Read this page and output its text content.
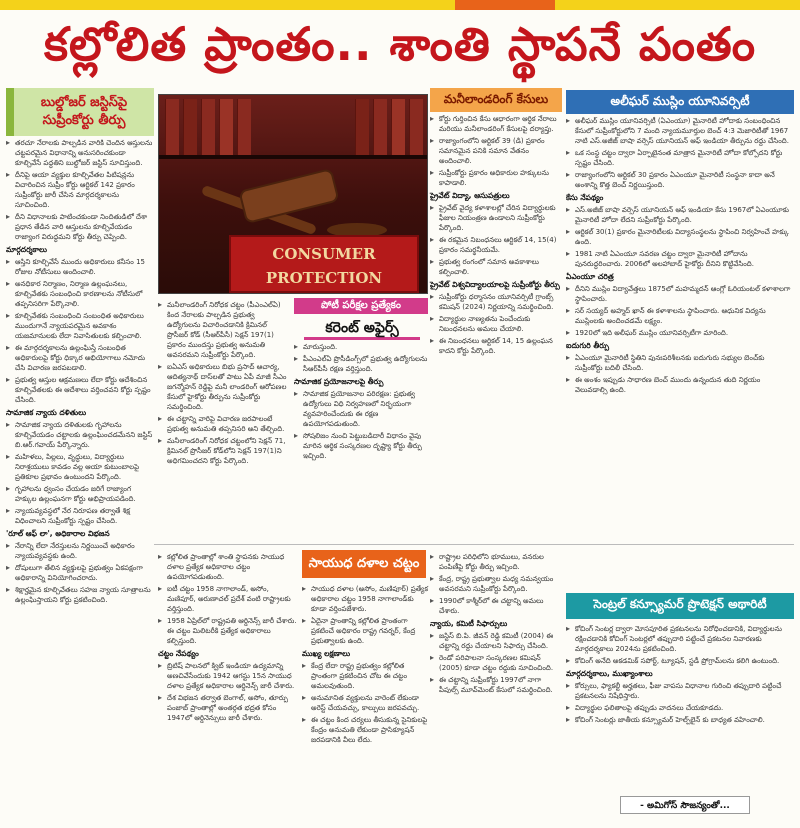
కల్లోలిత ప్రాంతం.. శాంతి స్థాపనే పంతం
బుల్డోజర్ జస్టిస్‌పై సుప్రీంకోర్టు తీర్పు

▸ తరచూ నేరాలకు పాల్పడిన వారికి చెందిన ఆస్తులను చట్టపరమైన విధానాన్ని అనుసరించకుండా కూల్చివేసే పద్ధతిని బుల్డోజర్ జస్టిస్ సూచిస్తుంది.

▸ దీనిపై ఆయా వ్యక్తుల కూల్చివేతల పిటిషన్లను విచారించిన సుప్రీం కోర్టు ఆర్టికల్ 142 ప్రకారం సుప్రీంకోర్టు జారీ చేసిన మార్గదర్శకాలను సూచించింది.

▸ దీని విధానాలకు పాటించకుండా నిందితుడిలో దేశా ప్రధాన తేడిన వారి ఆస్తులను కూల్చివేయడం రాజ్యాంగ విరుద్ధమని కోర్టు తీర్పు చెప్పింది.

మార్గదర్శకాలు

▸ ఆస్తిని కూల్చివేసే ముందు అధికారులు కనీసం 15 రోజుల నోటీసులు అందించాలి.

▸ అనధికార నిర్మాణం, నిర్మాణ ఉల్లంఘనలు, కూల్చివేతకు సంబంధించి కారణాలను నోటీసులో తప్పనిసరిగా పేర్కొనాలి.

▸ కూల్చివేతకు సంబంధించి సంబంధిత అధికారులు ముందుగానే న్యాయపరమైన అవకాశం యజమానులకు లేదా నివాసితులకు కల్పించాలి.

▸ ఈ మార్గదర్శకాలను ఉల్లంఘిస్తే సంబంధిత అధికారులపై కోర్టు ధిక్కార అభియోగాలు నమోదు చేసి విచారణ జరపబడాలి.

▸ ప్రభుత్వ ఆస్తుల ఆక్రమణలు లేదా కోర్టు ఆదేశించిన కూల్చివేతలకు ఈ ఆదేశాలు వర్తించవని కోర్టు స్పష్టం చేసింది.

సామాజిక న్యాయ దళితులు

▸ సామాజిక న్యాయ దళితులకు గృహాలను కూల్చివేయడం చట్టాలకు ఉల్లంఘించడమేనని జస్టిస్ బి.ఆర్.గవాయ్ పేర్కొన్నారు.

▸ మహిళలు, పిల్లలు, వృద్ధులు, విద్యార్థులు నిరాశ్రయులు కావడం వల్ల ఆయా కుటుంబాలపై ప్రతికూల ప్రభావం ఉంటుందని పేర్కొంది.

▸ గృహాలను ధ్వంసం చేయడం జరిగే రాజ్యాంగ హక్కుల ఉల్లంఘనగా కోర్టు అభిప్రాయపడింది.

▸ న్యాయవ్యవస్థలో నేర నిరూపణ తర్వాతే శిక్ష విధించాలని సుప్రీంకోర్టు స్పష్టం చేసింది.

'రూల్ ఆఫ్ లా', అధికారాల విభజన

▸ నేరాన్ని లేదా నేరస్తులను నిర్ణయించే అధికారం న్యాయవ్యవస్థకు ఉంది.

▸ దోషులుగా తేలిన వ్యక్తులపై ప్రభుత్వం ఏకపక్షంగా అధికారాన్ని వినియోగించరాదు.

▸ శిక్షార్హమైన కూల్చివేతలు సహజ న్యాయ సూత్రాలను ఉల్లంఘిస్తాయని కోర్టు ప్రకటించింది.

CONSUMER PROTECTION

▸ మనీలాండరింగ్ నిరోధక చట్టం (పీఎంఎల్ఏ) కింద నేరాలకు పాల్పడిన ప్రభుత్వ ఉద్యోగులను విచారించడానికి క్రిమినల్ ప్రొసీజర్ కోడ్ (సీఆర్‌పీసీ) సెక్షన్ 197(1) ప్రకారం ముందస్తు ప్రభుత్వ అనుమతి అవసరమని సుప్రీంకోర్టు పేర్కొంది.

▸ ఐఏఎస్ అధికారులు బిభు ప్రసాద్ ఆచార్య, ఆదిత్యనాథ్ దాస్‌లతో పాటు ఏపీ మాజీ సీఎం జగన్మోహన్ రెడ్డిపై మనీ లాండరింగ్ ఆరోపణల కేసులో హైకోర్టు తీర్పును సుప్రీంకోర్టు సమర్థించింది.

▸ ఈ చట్టాన్ని వారిపై విచారణ జరపాలంటే ప్రభుత్వ అనుమతి తప్పనిసరి అని తేల్చింది.

▸ మనీలాండరింగ్ నిరోధక చట్టంలోని సెక్షన్ 71, క్రిమినల్ ప్రొసీజర్ కోడ్‌లోని సెక్షన్ 197(1)ని అధిగమించదని కోర్టు పేర్కొంది.

పోటీ పరీక్షల ప్రత్యేకం
కరెంట్ అఫైర్స్

▸ మారుస్తుంది.

▸ పీఎంఎల్ఏ ప్రొసీడింగ్స్‌లో ప్రభుత్వ ఉద్యోగులను సీఆర్‌పీసీ రక్షణ వర్తిస్తుంది.

సామాజిక ప్రయోజనాలపై తీర్పు

▸ సామాజిక ప్రయోజనాల పరిరక్షణ: ప్రభుత్వ ఉద్యోగులు విధి నిర్వహణలో నిర్భయంగా వ్యవహరించేందుకు ఈ రక్షణ ఉపయోగపడుతుంది.

▸ సోషలిజం నుంచి పెట్టుబడిదారీ విధానం వైపు మారిన ఆర్థిక సంస్కరణల దృష్ట్యా కోర్టు తీర్పు ఇచ్చింది.

మనీలాండరింగ్ కేసులు

▸ కోర్టు గుర్తించిన కేసు ఆధారంగా ఆర్థిక నేరాలు మరియు మనీలాండరింగ్ కేసులపై దర్యాప్తు.

▸ రాజ్యాంగంలోని ఆర్టికల్ 39 (డి) ప్రకారం సమానమైన పనికి సమాన వేతనం అందించాలి.

▸ సుప్రీంకోర్టు ప్రకారం అధికారుల హక్కులను కాపాడాలి.

ప్రైవేట్ విద్యా, ఆసుపత్రులు

▸ ప్రైవేట్ వైద్య కళాశాలల్లో చేరిన విద్యార్థులకు ఫీజుల నియంత్రణ ఉండాలని సుప్రీంకోర్టు పేర్కొంది.

▸ ఈ రకమైన నిబంధనలు ఆర్టికల్ 14, 15(4) ప్రకారం సమర్థనీయమే.

▸ ప్రభుత్వ రంగంలో సమాన అవకాశాలు కల్పించాలి.

ప్రైవేట్ విశ్వవిద్యాలయాలపై సుప్రీంకోర్టు తీర్పు

▸ సుప్రీంకోర్టు ధర్మాసనం యూనివర్సిటీ గ్రాంట్స్ కమిషన్ (2024) నిర్ణయాన్ని సమర్థించింది.

▸ విద్యార్థుల నాణ్యతను పెంచేందుకు నిబంధనలను అమలు చేయాలి.

▸ ఈ నిబంధనలు ఆర్టికల్ 14, 15 ఉల్లంఘన కాదని కోర్టు పేర్కొంది.

▸ కల్లోలిత ప్రాంతాల్లో శాంతి స్థాపనకు సాయుధ దళాల ప్రత్యేక అధికారాల చట్టం ఉపయోగపడుతుంది.

▸ ఐటీ చట్టం 1958 నాగాలాండ్, అసోం, మణిపూర్, అరుణాచల్ ప్రదేశ్ వంటి రాష్ట్రాలకు వర్తిస్తుంది.

▸ 1958 ఏప్రిల్‌లో రాష్ట్రపతి ఆర్డినెన్స్ జారీ చేశారు. ఈ చట్టం మిలిటరీకి ప్రత్యేక అధికారాలు కల్పిస్తుంది.

చట్టం నేపథ్యం

▸ బ్రిటిష్ పాలనలో క్విట్ ఇండియా ఉద్యమాన్ని అణచివేసేందుకు 1942 ఆగస్టు 15న సాయుధ దళాల ప్రత్యేక అధికారాల ఆర్డినెన్స్ జారీ చేశారు.

▸ దేశ విభజన తర్వాత బెంగాల్, అసోం, తూర్పు పంజాబ్ ప్రాంతాల్లో అంతర్గత భద్రత కోసం 1947లో ఆర్డినెన్సులు జారీ చేశారు.

సాయుధ దళాల చట్టం

▸ సాయుధ దళాల (అసోం, మణిపూర్) ప్రత్యేక అధికారాల చట్టం 1958 నాగాలాండ్‌కు కూడా వర్తింపజేశారు.

▸ ఏదైనా ప్రాంతాన్ని కల్లోలిత ప్రాంతంగా ప్రకటించే అధికారం రాష్ట్ర గవర్నర్, కేంద్ర ప్రభుత్వాలకు ఉంది.

ముఖ్య లక్షణాలు

▸ కేంద్ర లేదా రాష్ట్ర ప్రభుత్వం కల్లోలిత ప్రాంతంగా ప్రకటించిన చోట ఈ చట్టం అమలవుతుంది.

▸ అనుమానిత వ్యక్తులను వారెంట్ లేకుండా అరెస్ట్ చేయవచ్చు, కాల్పులు జరపవచ్చు.

▸ ఈ చట్టం కింద చర్యలు తీసుకున్న సైనికులపై కేంద్రం అనుమతి లేకుండా ప్రాసిక్యూషన్ జరపడానికి వీలు లేదు.

▸ రాష్ట్రాల పరిధిలోని భూములు, వనరుల పంపిణీపై కోర్టు తీర్పు ఇచ్చింది.

▸ కేంద్ర, రాష్ట్ర ప్రభుత్వాల మధ్య సమన్వయం అవసరమని సుప్రీంకోర్టు పేర్కొంది.

▸ 1990లో కాశ్మీర్‌లో ఈ చట్టాన్ని అమలు చేశారు.

న్యాయ, కమిటీ సిఫార్సులు

▸ జస్టిస్ బి.పి. జీవన్ రెడ్డి కమిటీ (2004) ఈ చట్టాన్ని రద్దు చేయాలని సిఫార్సు చేసింది.

▸ రెండో పరిపాలనా సంస్కరణల కమిషన్ (2005) కూడా చట్టం రద్దుకు సూచించింది.

▸ ఈ చట్టాన్ని సుప్రీంకోర్టు 1997లో నాగా పీపుల్స్ మూవ్‌మెంట్ కేసులో సమర్థించింది.

అలీఘర్ ముస్లిం యూనివర్సిటీ

▸ అలీఘర్ ముస్లిం యూనివర్సిటీ (ఏఎంయూ) మైనారిటీ హోదాకు సంబంధించిన కేసులో సుప్రీంకోర్టులోని 7 మంది న్యాయమూర్తుల బెంచ్ 4:3 మెజారిటీతో 1967 నాటి ఎస్.అజీజ్ బాషా వర్సెస్ యూనియన్ ఆఫ్ ఇండియా తీర్పును రద్దు చేసింది.

▸ ఒక సంస్థ చట్టం ద్వారా ఏర్పాటైనంత మాత్రాన మైనారిటీ హోదా కోల్పోదని కోర్టు స్పష్టం చేసింది.

▸ రాజ్యాంగంలోని ఆర్టికల్ 30 ప్రకారం ఏఎంయూ మైనారిటీ సంస్థనా కాదా అనే అంశాన్ని కొత్త బెంచ్ నిర్ణయిస్తుంది.

కేసు నేపథ్యం

▸ ఎస్.అజీజ్ బాషా వర్సెస్ యూనియన్ ఆఫ్ ఇండియా కేసు 1967లో ఏఎంయూకు మైనారిటీ హోదా లేదని సుప్రీంకోర్టు పేర్కొంది.

▸ ఆర్టికల్ 30(1) ప్రకారం మైనారిటీలకు విద్యాసంస్థలను స్థాపించి నిర్వహించే హక్కు ఉంది.

▸ 1981 నాటి ఏఎంయూ సవరణ చట్టం ద్వారా మైనారిటీ హోదాను పునరుద్ధరించారు. 2006లో అలహాబాద్ హైకోర్టు దీనిని కొట్టివేసింది.

ఏఎంయూ చరిత్ర

▸ దీనిని ముస్లిం విద్యావేత్తలు 1875లో మహమ్మదన్ ఆంగ్లో ఓరియంటల్ కళాశాలగా స్థాపించారు.

▸ సర్ సయ్యద్ అహ్మద్ ఖాన్ ఈ కళాశాలను స్థాపించారు. ఆధునిక విద్యను ముస్లింలకు అందించడమే లక్ష్యం.

▸ 1920లో ఇది అలీఘర్ ముస్లిం యూనివర్సిటీగా మారింది.

ఐదుగురి తీర్పు

▸ ఏఎంయూ మైనారిటీ స్థితిని పునఃపరిశీలనకు ఐదుగురు సభ్యుల బెంచ్‌కు సుప్రీంకోర్టు బదిలీ చేసింది.

▸ ఈ అంశం ఇప్పుడు సాధారణ బెంచ్ ముందు ఉన్నందున తుది నిర్ణయం వెలువడాల్సి ఉంది.

సెంట్రల్ కన్స్యూమర్ ప్రొటెక్షన్ అథారిటీ

▸ కోచింగ్ సెంటర్ల ద్వారా మోసపూరిత ప్రకటనలను నిరోధించడానికి, విద్యార్థులను రక్షించడానికి కోచింగ్ సెంటర్లలో తప్పుదారి పట్టించే ప్రకటనల నివారణకు మార్గదర్శకాలు 2024ను ప్రకటించింది.

▸ కోచింగ్ అనేది అకడమిక్ సపోర్ట్, ట్యూషన్, స్టడీ ప్రోగ్రామ్‌లను కలిగి ఉంటుంది.

మార్గదర్శకాలు, ముఖ్యాంశాలు

▸ కోర్సులు, ఫ్యాకల్టీ అర్హతలు, ఫీజు వాపసు విధానాల గురించి తప్పుదారి పట్టించే ప్రకటనలను నిషేధిస్తారు.

▸ విద్యార్థుల ఫలితాలపై తప్పుడు వాదనలు చేయకూడదు.

▸ కోచింగ్ సెంటర్లు జాతీయ కన్స్యూమర్ హెల్ప్‌లైన్ కు బాధ్యత వహించాలి.

- అమిగోస్ సౌజన్యంతో...
